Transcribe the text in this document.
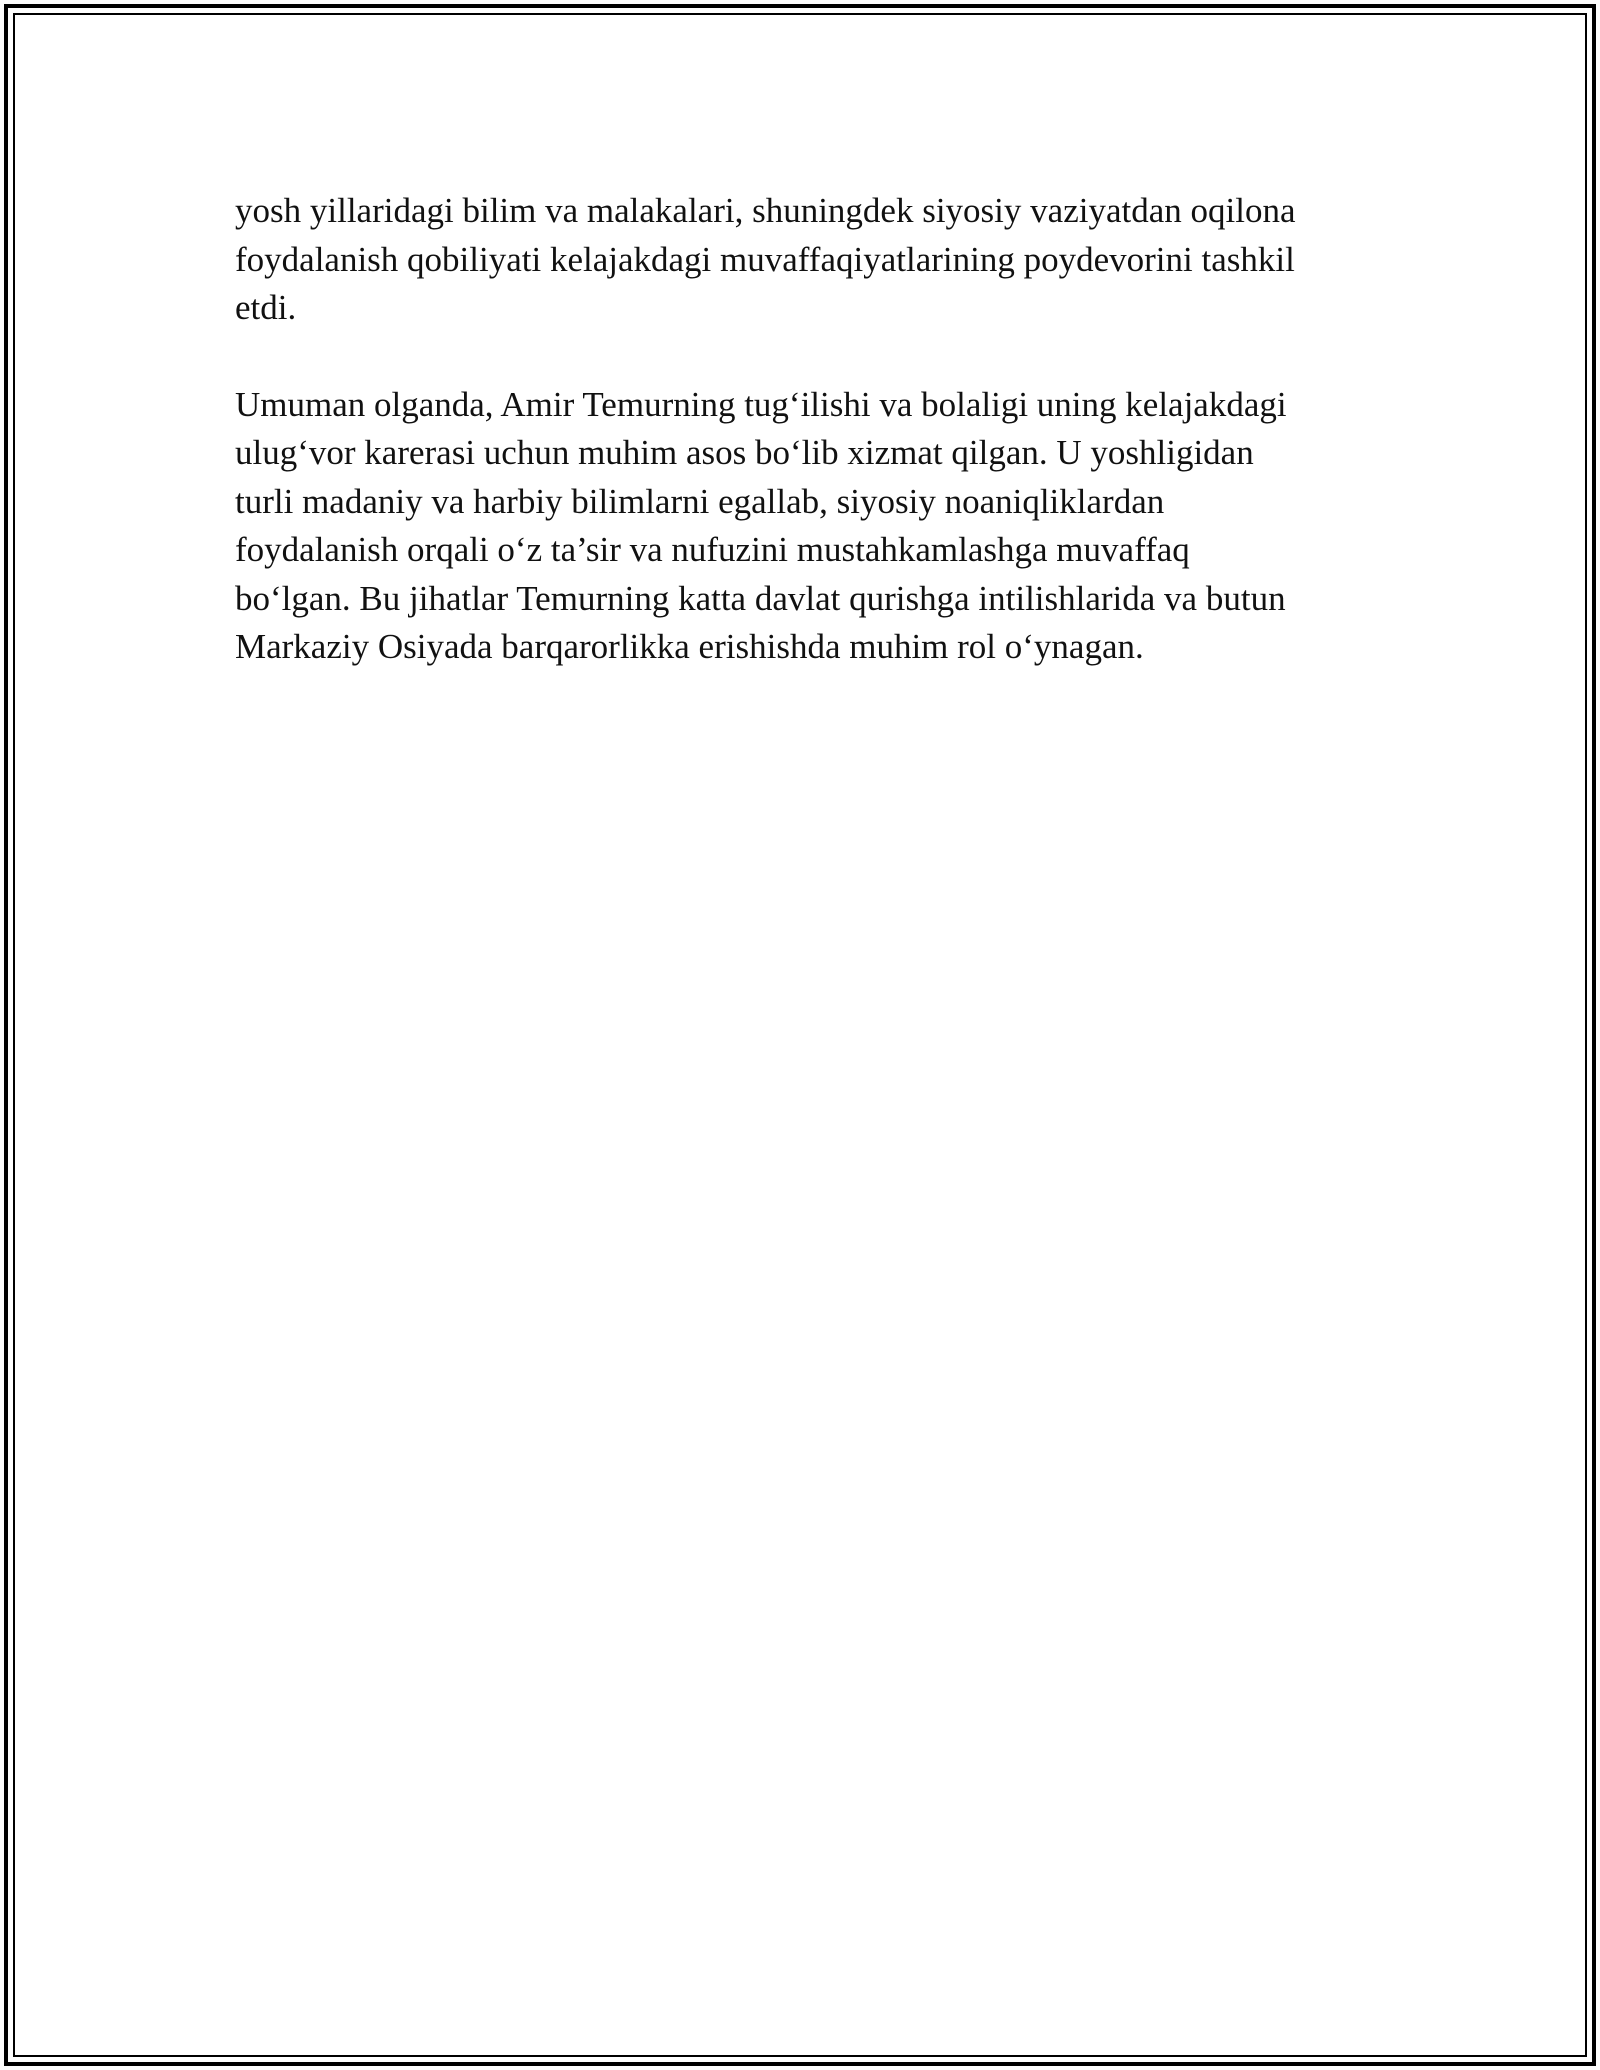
yosh yillaridagi bilim va malakalari, shuningdek siyosiy vaziyatdan oqilona
foydalanish qobiliyati kelajakdagi muvaffaqiyatlarining poydevorini tashkil
etdi.

Umuman olganda, Amir Temurning tug‘ilishi va bolaligi uning kelajakdagi
ulug‘vor karerasi uchun muhim asos bo‘lib xizmat qilgan. U yoshligidan
turli madaniy va harbiy bilimlarni egallab, siyosiy noaniqliklardan
foydalanish orqali o‘z ta’sir va nufuzini mustahkamlashga muvaffaq
bo‘lgan. Bu jihatlar Temurning katta davlat qurishga intilishlarida va butun
Markaziy Osiyada barqarorlikka erishishda muhim rol o‘ynagan.
